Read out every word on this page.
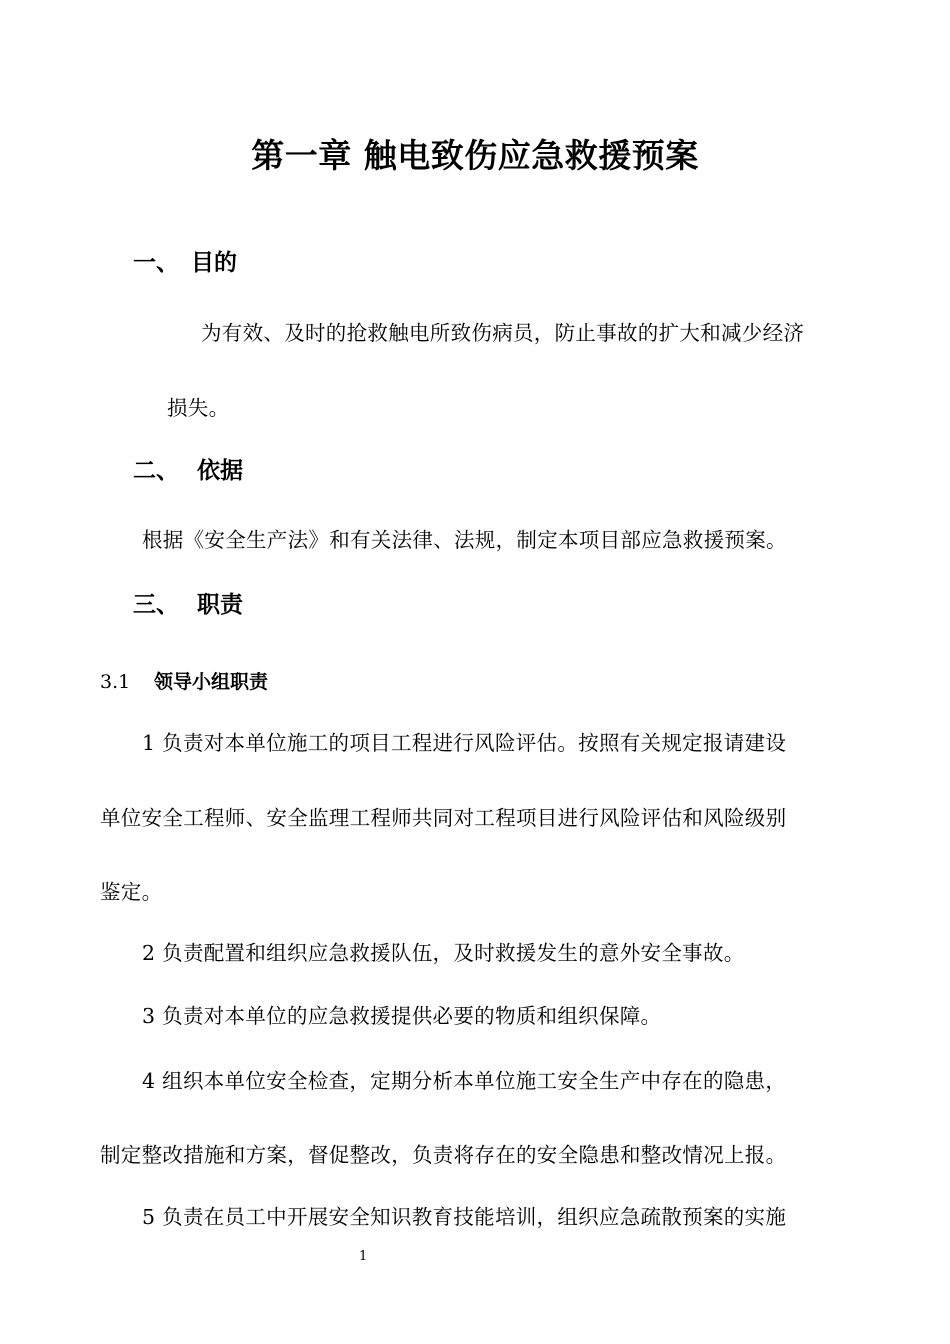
第一章 触电致伤应急救援预案
一、 目的
为有效、及时的抢救触电所致伤病员，防止事故的扩大和减少经济
损失。
二、 依据
根据《安全生产法》和有关法律、法规，制定本项目部应急救援预案。
三、 职责
3.1 领导小组职责
1 负责对本单位施工的项目工程进行风险评估。按照有关规定报请建设
单位安全工程师、安全监理工程师共同对工程项目进行风险评估和风险级别
鉴定。
2 负责配置和组织应急救援队伍，及时救援发生的意外安全事故。
3 负责对本单位的应急救援提供必要的物质和组织保障。
4 组织本单位安全检查，定期分析本单位施工安全生产中存在的隐患，
制定整改措施和方案，督促整改，负责将存在的安全隐患和整改情况上报。
5 负责在员工中开展安全知识教育技能培训，组织应急疏散预案的实施
1
